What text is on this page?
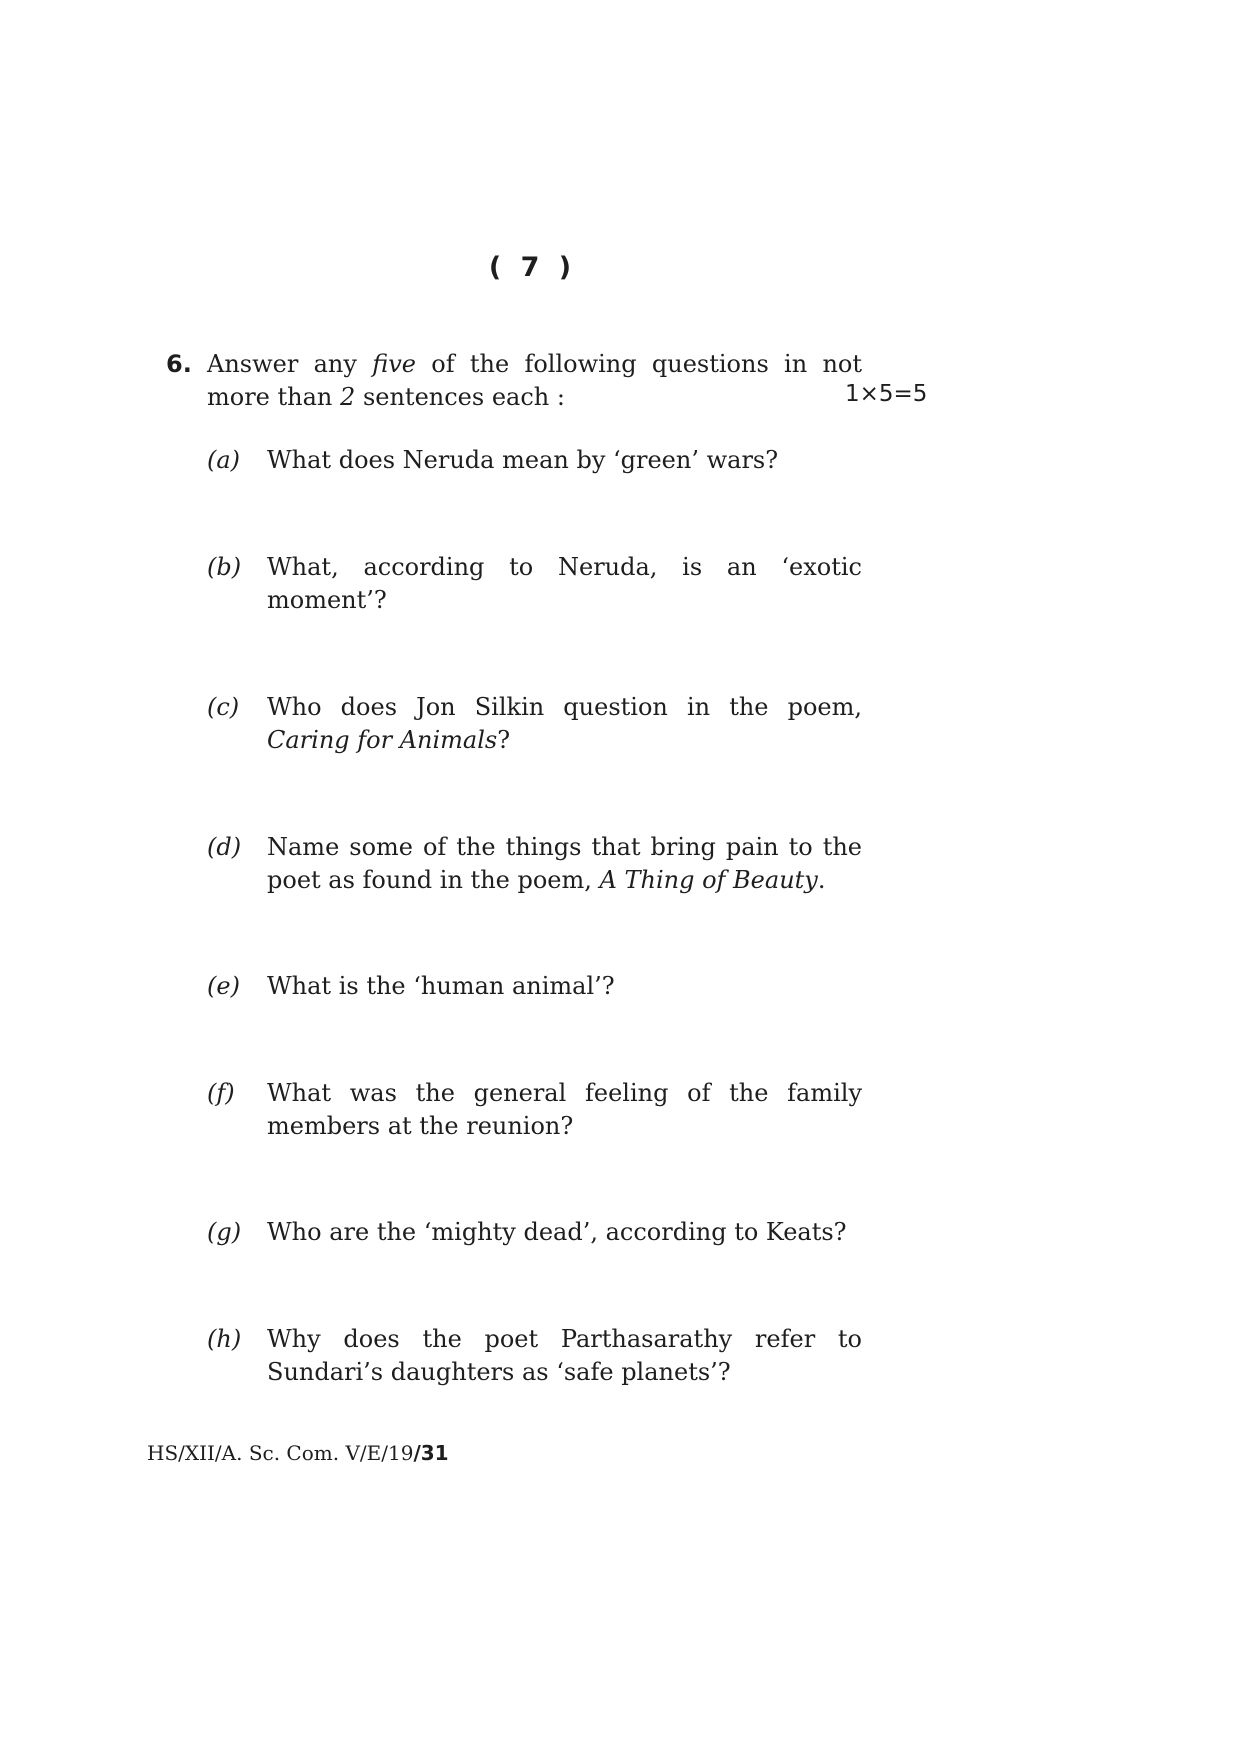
( 7 )
6. Answer any five of the following questions in not
more than 2 sentences each :	1×5=5
(a) What does Neruda mean by ‘green’ wars?
(b) What, according to Neruda, is an ‘exotic
moment’?
(c) Who does Jon Silkin question in the poem,
Caring for Animals?
(d) Name some of the things that bring pain to the
poet as found in the poem, A Thing of Beauty.
(e) What is the ‘human animal’?
(f) What was the general feeling of the family
members at the reunion?
(g) Who are the ‘mighty dead’, according to Keats?
(h) Why does the poet Parthasarathy refer to
Sundari’s daughters as ‘safe planets’?
HS/XII/A. Sc. Com. V/E/19/31
